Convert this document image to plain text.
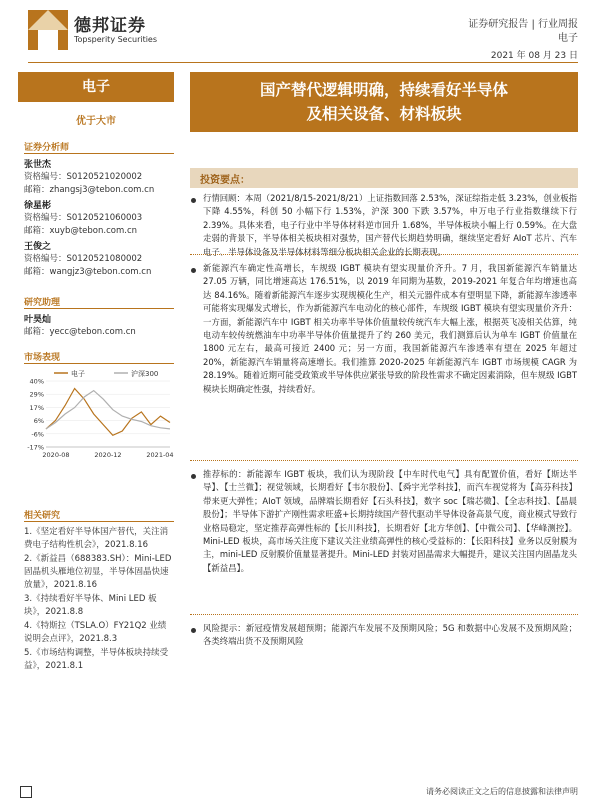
德邦证券
Topsperity Securities
证券研究报告 | 行业周报
电子
2021 年 08 月 23 日
电子
优于大市
证券分析师
张世杰
资格编号：S0120521020002
邮箱：zhangsj3@tebon.com.cn
徐星彬
资格编号：S0120521060003
邮箱：xuyb@tebon.com.cn
王俊之
资格编号：S0120521080002
邮箱：wangjz3@tebon.com.cn
研究助理
叶昊灿
邮箱：yecc@tebon.com.cn
市场表现
电子	沪深300
40%
29%
17%
6%
-6%
-17%
2020-08	2020-12	2021-04
相关研究
1.《坚定看好半导体国产替代，关注消费电子结构性机会》，2021.8.16
2.《新益昌（688383.SH）：Mini-LED 固晶机头雁地位初显，半导体固晶快速放量》，2021.8.16
3.《持续看好半导体、Mini LED 板块》，2021.8.8
4.《特斯拉（TSLA.O）FY21Q2 业绩说明会点评》，2021.8.3
5.《市场结构调整，半导体板块持续受益》，2021.8.1
国产替代逻辑明确，持续看好半导体
及相关设备、材料板块
投资要点：
行情回顾：本周（2021/8/15-2021/8/21）上证指数回落 2.53%，深证综指走低 3.23%，创业板指下降 4.55%，科创 50 小幅下行 1.53%，沪深 300 下跌 3.57%，申万电子行业指数继续下行 2.39%。具体来看，电子行业中半导体材料逆市回升 1.68%，半导体板块小幅上行 0.59%。在大盘走弱的背景下，半导体相关板块相对强势，国产替代长期趋势明确，继续坚定看好 AIoT 芯片、汽车电子、半导体设备及半导体材料等细分板块相关企业的长期表现。
新能源汽车确定性高增长，车规级 IGBT 模块有望实现量价齐升。7 月，我国新能源汽车销量达 27.05 万辆，同比增速高达 176.51%，以 2019 年同期为基数，2019-2021 年复合年均增速也高达 84.16%。随着新能源汽车逐步实现规模化生产，相关元器件成本有望明显下降，新能源车渗透率可能将实现爆发式增长，作为新能源汽车电动化的核心部件，车规级 IGBT 模块有望实现量价齐升：一方面，新能源汽车中 IGBT 相关功率半导体价值量较传统汽车大幅上涨，根据英飞凌相关估算，纯电动车较传统燃油车中功率半导体价值量提升了约 260 美元，我们测算后认为单车 IGBT 价值量在 1800 元左右，最高可接近 2400 元；另一方面，我国新能源汽车渗透率有望在 2025 年超过 20%，新能源汽车销量将高速增长。我们推算 2020-2025 年新能源汽车 IGBT 市场规模 CAGR 为 28.19%。随着近期可能受政策或半导体供应紧张导致的阶段性需求不确定因素消除，但车规级 IGBT 模块长期确定性强，持续看好。
推荐标的：新能源车 IGBT 板块，我们认为现阶段【中车时代电气】具有配置价值，看好【斯达半导】、【士兰微】；视觉领域，长期看好【韦尔股份】、【舜宇光学科技】，而汽车视觉将为【高芬科技】带来更大弹性；AIoT 领域，品牌端长期看好【石头科技】，数字 soc【瑞芯微】、【全志科技】、【晶晨股份】；半导体下游扩产刚性需求旺盛+长期持续国产替代驱动半导体设备高景气度，商业模式导致行业格局稳定，坚定推荐高弹性标的【长川科技】，长期看好【北方华创】、【中微公司】、【华峰测控】。Mini-LED 板块，高市场关注度下建议关注业绩高弹性的核心受益标的：【长阳科技】业务以反射膜为主，mini-LED 反射膜价值量显著提升。Mini-LED 封装对固晶需求大幅提升，建议关注国内固晶龙头【新益昌】。
风险提示：新冠疫情发展超预期；能源汽车发展不及预期风险；5G 和数据中心发展不及预期风险；各类终端出货不及预期风险
请务必阅读正文之后的信息披露和法律声明
